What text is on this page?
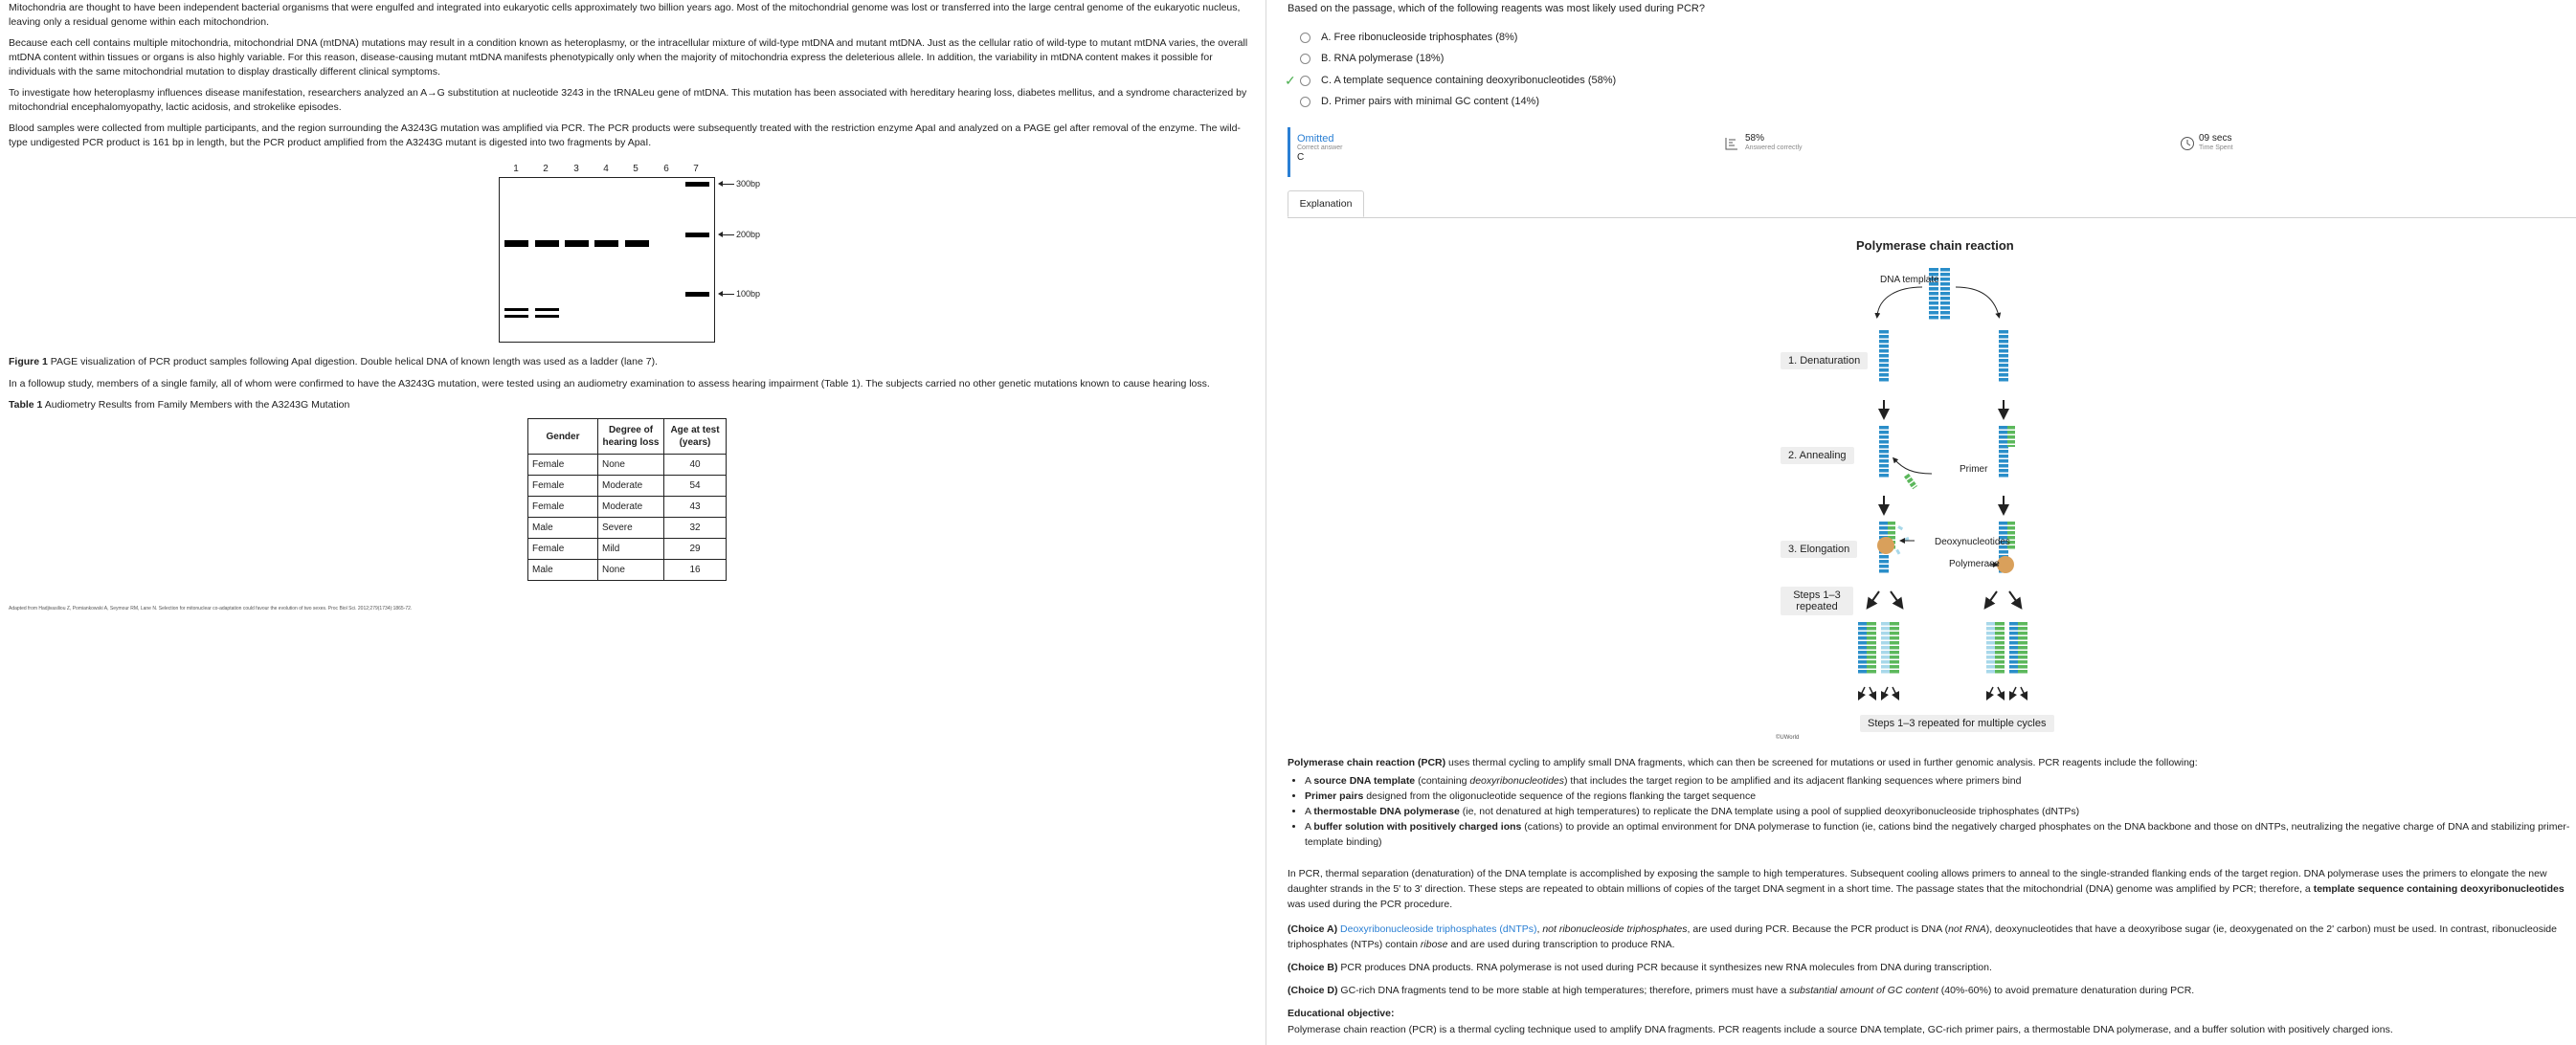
Mitochondria are thought to have been independent bacterial organisms that were engulfed and integrated into eukaryotic cells approximately two billion years ago. Most of the mitochondrial genome was lost or transferred into the large central genome of the eukaryotic nucleus, leaving only a residual genome within each mitochondrion.

Because each cell contains multiple mitochondria, mitochondrial DNA (mtDNA) mutations may result in a condition known as heteroplasmy, or the intracellular mixture of wild-type mtDNA and mutant mtDNA. Just as the cellular ratio of wild-type to mutant mtDNA varies, the overall mtDNA content within tissues or organs is also highly variable. For this reason, disease-causing mutant mtDNA manifests phenotypically only when the majority of mitochondria express the deleterious allele. In addition, the variability in mtDNA content makes it possible for individuals with the same mitochondrial mutation to display drastically different clinical symptoms.

To investigate how heteroplasmy influences disease manifestation, researchers analyzed an A→G substitution at nucleotide 3243 in the tRNALeu gene of mtDNA. This mutation has been associated with hereditary hearing loss, diabetes mellitus, and a syndrome characterized by mitochondrial encephalomyopathy, lactic acidosis, and strokelike episodes.

Blood samples were collected from multiple participants, and the region surrounding the A3243G mutation was amplified via PCR. The PCR products were subsequently treated with the restriction enzyme ApaI and analyzed on a PAGE gel after removal of the enzyme. The wild-type undigested PCR product is 161 bp in length, but the PCR product amplified from the A3243G mutant is digested into two fragments by ApaI.

1	2	3	4	5	6	7
300bp
200bp
100bp

Figure 1 PAGE visualization of PCR product samples following ApaI digestion. Double helical DNA of known length was used as a ladder (lane 7).

In a followup study, members of a single family, all of whom were confirmed to have the A3243G mutation, were tested using an audiometry examination to assess hearing impairment (Table 1). The subjects carried no other genetic mutations known to cause hearing loss.

Table 1 Audiometry Results from Family Members with the A3243G Mutation

Gender	Degree of hearing loss	Age at test (years)
Female	None	40
Female	Moderate	54
Female	Moderate	43
Male	Severe	32
Female	Mild	29
Male	None	16

Adapted from Hadjivasiliou Z, Pomiankowski A, Seymour RM, Lane N. Selection for mitonuclear co-adaptation could favour the evolution of two sexes. Proc Biol Sci. 2012;279(1734):1865-72.

Based on the passage, which of the following reagents was most likely used during PCR?

A. Free ribonucleoside triphosphates (8%)
B. RNA polymerase (18%)
✓ C. A template sequence containing deoxyribonucleotides (58%)
D. Primer pairs with minimal GC content (14%)
Omitted
Correct answer
C
58%
Answered correctly
09 secs
Time Spent
Explanation
Polymerase chain reaction
DNA template
1. Denaturation
2. Annealing
3. Elongation
Steps 1–3
repeated
Primer
Deoxynucleotides
Polymerase
Steps 1–3 repeated for multiple cycles
©UWorld
Polymerase chain reaction (PCR) uses thermal cycling to amplify small DNA fragments, which can then be screened for mutations or used in further genomic analysis. PCR reagents include the following:
• A source DNA template (containing deoxyribonucleotides) that includes the target region to be amplified and its adjacent flanking sequences where primers bind
• Primer pairs designed from the oligonucleotide sequence of the regions flanking the target sequence
• A thermostable DNA polymerase (ie, not denatured at high temperatures) to replicate the DNA template using a pool of supplied deoxyribonucleoside triphosphates (dNTPs)
• A buffer solution with positively charged ions (cations) to provide an optimal environment for DNA polymerase to function (ie, cations bind the negatively charged phosphates on the DNA backbone and those on dNTPs, neutralizing the negative charge of DNA and stabilizing primer-template binding)
In PCR, thermal separation (denaturation) of the DNA template is accomplished by exposing the sample to high temperatures. Subsequent cooling allows primers to anneal to the single-stranded flanking ends of the target region. DNA polymerase uses the primers to elongate the new daughter strands in the 5' to 3' direction. These steps are repeated to obtain millions of copies of the target DNA segment in a short time. The passage states that the mitochondrial (DNA) genome was amplified by PCR; therefore, a template sequence containing deoxyribonucleotides was used during the PCR procedure.
(Choice A) Deoxyribonucleoside triphosphates (dNTPs), not ribonucleoside triphosphates, are used during PCR. Because the PCR product is DNA (not RNA), deoxynucleotides that have a deoxyribose sugar (ie, deoxygenated on the 2' carbon) must be used. In contrast, ribonucleoside triphosphates (NTPs) contain ribose and are used during transcription to produce RNA.
(Choice B) PCR produces DNA products. RNA polymerase is not used during PCR because it synthesizes new RNA molecules from DNA during transcription.
(Choice D) GC-rich DNA fragments tend to be more stable at high temperatures; therefore, primers must have a substantial amount of GC content (40%-60%) to avoid premature denaturation during PCR.
Educational objective:
Polymerase chain reaction (PCR) is a thermal cycling technique used to amplify DNA fragments. PCR reagents include a source DNA template, GC-rich primer pairs, a thermostable DNA polymerase, and a buffer solution with positively charged ions.
